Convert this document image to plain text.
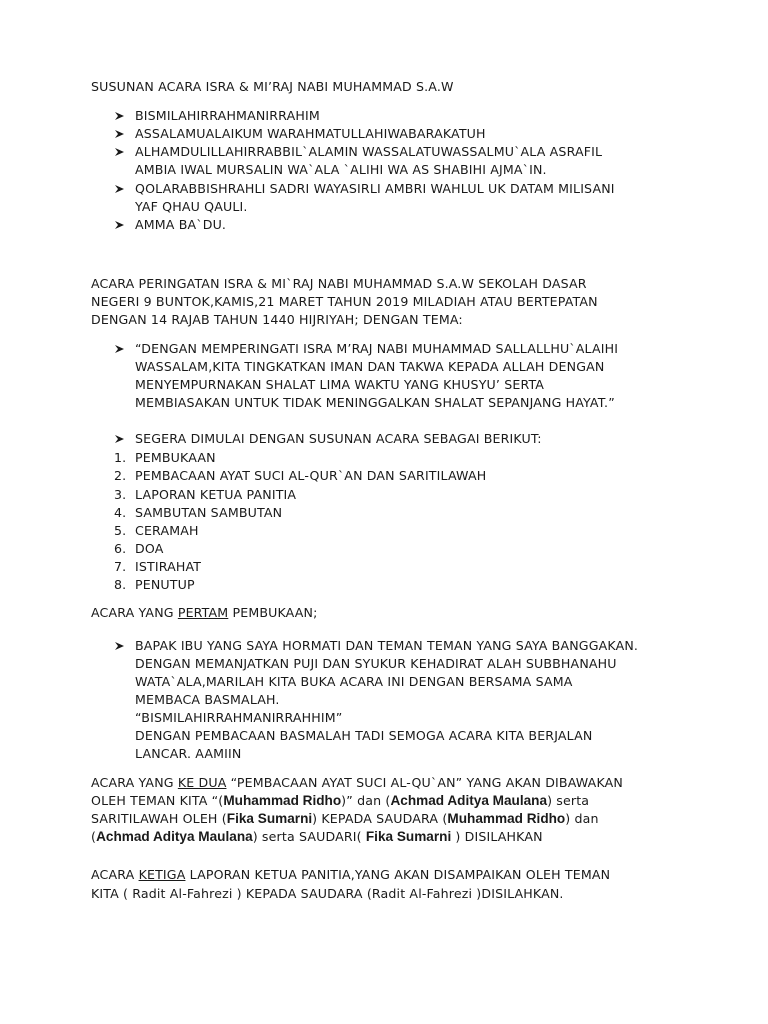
SUSUNAN ACARA ISRA & MI’RAJ NABI MUHAMMAD S.A.W
BISMILAHIRRAHMANIRRAHIM
ASSALAMUALAIKUM WARAHMATULLAHIWABARAKATUH
ALHAMDULILLAHIRRABBIL`ALAMIN WASSALATUWASSALMU`ALA ASRAFIL
AMBIA IWAL MURSALIN WA`ALA `ALIHI WA AS SHABIHI AJMA`IN.
QOLARABBISHRAHLI SADRI WAYASIRLI AMBRI WAHLUL UK DATAM MILISANI
YAF QHAU QAULI.
AMMA BA`DU.
ACARA PERINGATAN ISRA & MI`RAJ NABI MUHAMMAD S.A.W SEKOLAH DASAR
NEGERI 9 BUNTOK,KAMIS,21 MARET TAHUN 2019 MILADIAH ATAU BERTEPATAN
DENGAN 14 RAJAB TAHUN 1440 HIJRIYAH; DENGAN TEMA:
“DENGAN MEMPERINGATI ISRA M’RAJ NABI MUHAMMAD SALLALLHU`ALAIHI
WASSALAM,KITA TINGKATKAN IMAN DAN TAKWA KEPADA ALLAH DENGAN
MENYEMPURNAKAN SHALAT LIMA WAKTU YANG KHUSYU’ SERTA
MEMBIASAKAN UNTUK TIDAK MENINGGALKAN SHALAT SEPANJANG HAYAT.”
SEGERA DIMULAI DENGAN SUSUNAN ACARA SEBAGAI BERIKUT:
1. PEMBUKAAN
2. PEMBACAAN AYAT SUCI AL-QUR`AN DAN SARITILAWAH
3. LAPORAN KETUA PANITIA
4. SAMBUTAN SAMBUTAN
5. CERAMAH
6. DOA
7. ISTIRAHAT
8. PENUTUP
ACARA YANG PERTAM PEMBUKAAN;
BAPAK IBU YANG SAYA HORMATI DAN TEMAN TEMAN YANG SAYA BANGGAKAN.
DENGAN MEMANJATKAN PUJI DAN SYUKUR KEHADIRAT ALAH SUBBHANAHU
WATA`ALA,MARILAH KITA BUKA ACARA INI DENGAN BERSAMA SAMA
MEMBACA BASMALAH.
“BISMILAHIRRAHMANIRRAHHIM”
DENGAN PEMBACAAN BASMALAH TADI SEMOGA ACARA KITA BERJALAN
LANCAR. AAMIIN
ACARA YANG KE DUA “PEMBACAAN AYAT SUCI AL-QU`AN” YANG AKAN DIBAWAKAN
OLEH TEMAN KITA “(Muhammad Ridho)” dan (Achmad Aditya Maulana) serta
SARITILAWAH OLEH (Fika Sumarni) KEPADA SAUDARA (Muhammad Ridho) dan
(Achmad Aditya Maulana) serta SAUDARI( Fika Sumarni ) DISILAHKAN
ACARA KETIGA LAPORAN KETUA PANITIA,YANG AKAN DISAMPAIKAN OLEH TEMAN
KITA ( Radit Al-Fahrezi ) KEPADA SAUDARA (Radit Al-Fahrezi )DISILAHKAN.
